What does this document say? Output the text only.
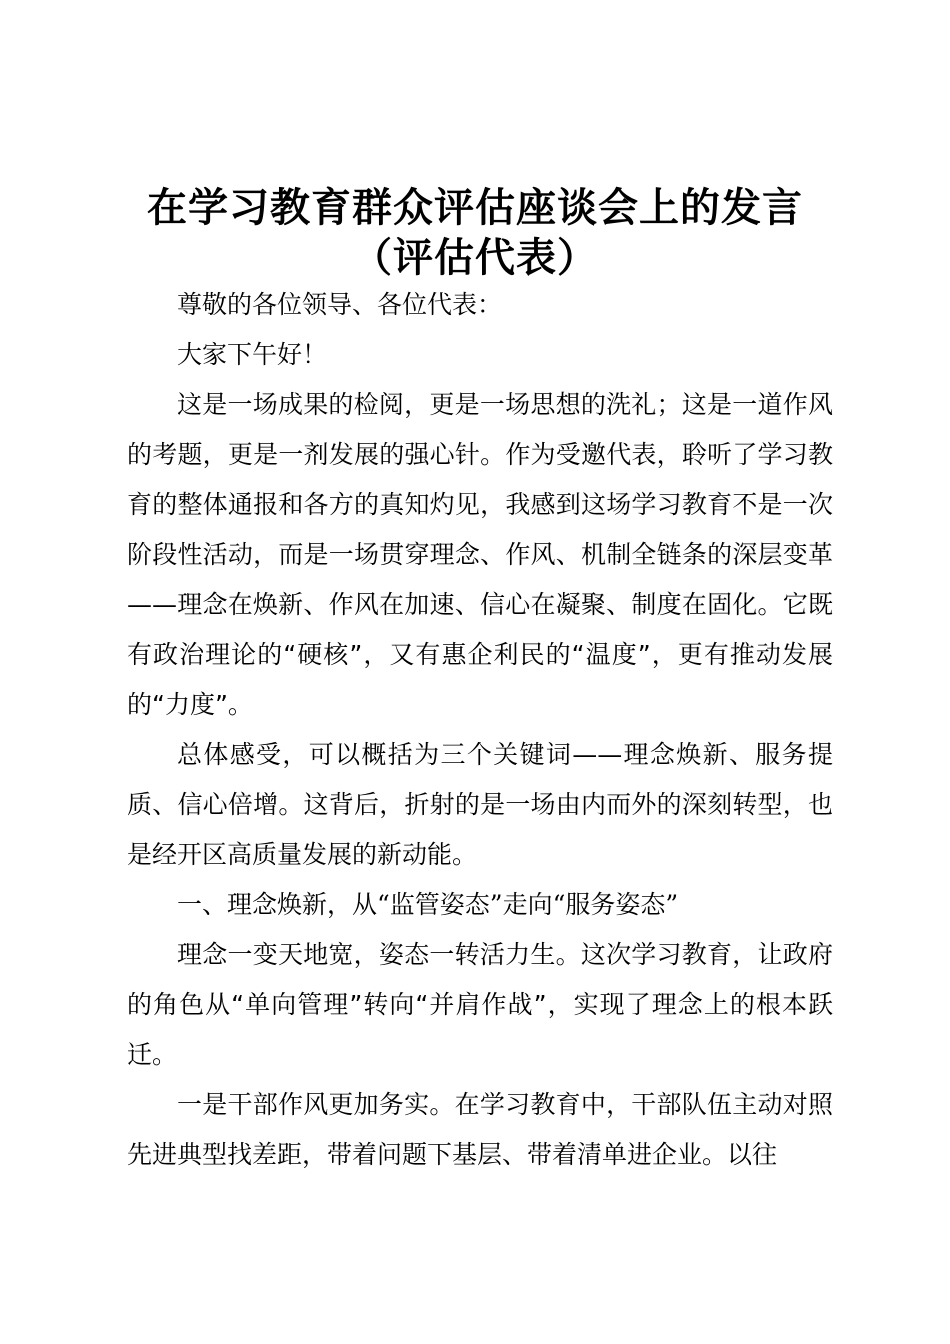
在学习教育群众评估座谈会上的发言
（评估代表）

尊敬的各位领导、各位代表：

大家下午好！

这是一场成果的检阅，更是一场思想的洗礼；这是一道作风的考题，更是一剂发展的强心针。作为受邀代表，聆听了学习教育的整体通报和各方的真知灼见，我感到这场学习教育不是一次阶段性活动，而是一场贯穿理念、作风、机制全链条的深层变革——理念在焕新、作风在加速、信心在凝聚、制度在固化。它既有政治理论的“硬核”，又有惠企利民的“温度”，更有推动发展的“力度”。

总体感受，可以概括为三个关键词——理念焕新、服务提质、信心倍增。这背后，折射的是一场由内而外的深刻转型，也是经开区高质量发展的新动能。

一、理念焕新，从“监管姿态”走向“服务姿态”

理念一变天地宽，姿态一转活力生。这次学习教育，让政府的角色从“单向管理”转向“并肩作战”，实现了理念上的根本跃迁。

一是干部作风更加务实。在学习教育中，干部队伍主动对照先进典型找差距，带着问题下基层、带着清单进企业。以往
